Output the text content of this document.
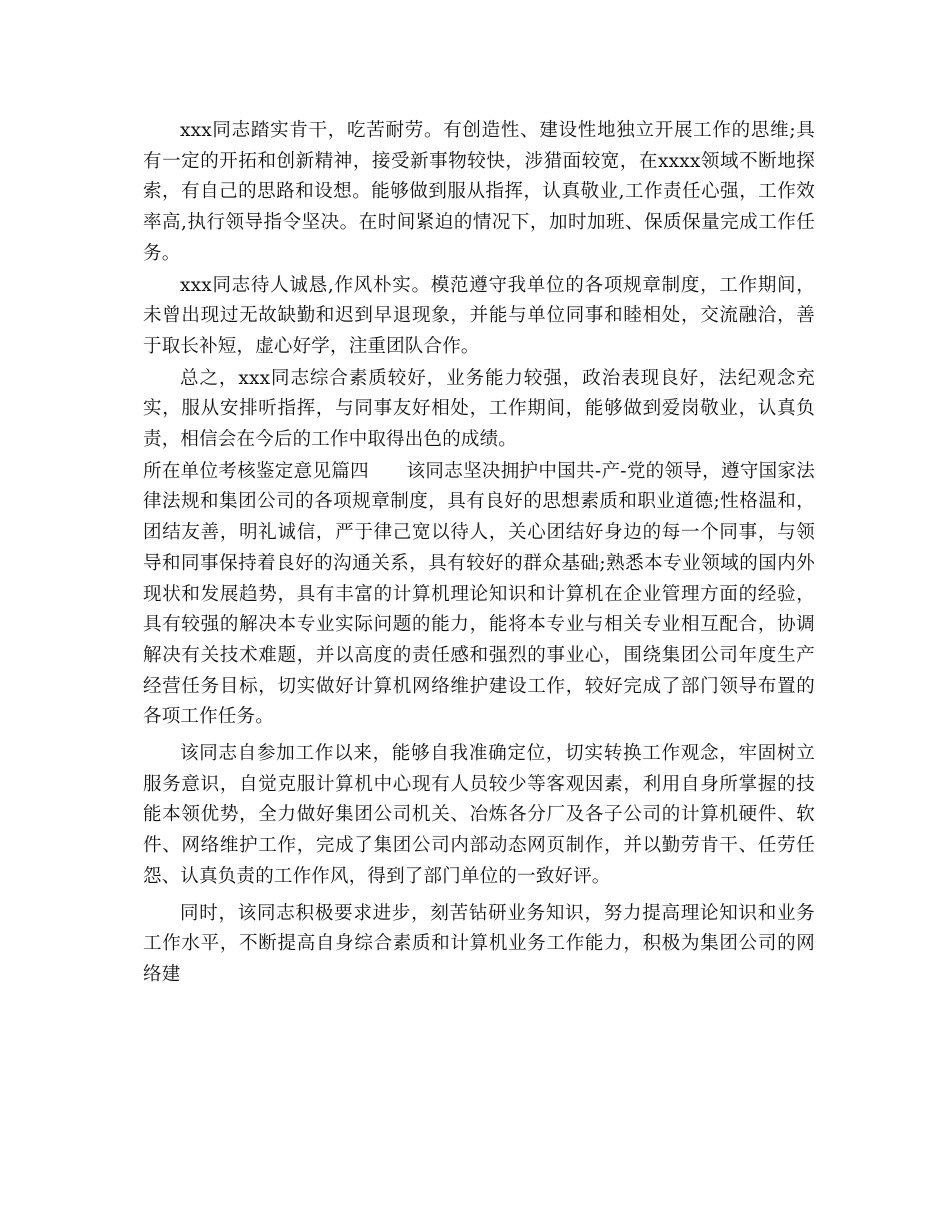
xxx同志踏实肯干，吃苦耐劳。有创造性、建设性地独立开展工作的思维;具有一定的开拓和创新精神，接受新事物较快，涉猎面较宽，在xxxx领域不断地探索，有自己的思路和设想。能够做到服从指挥，认真敬业,工作责任心强，工作效率高,执行领导指令坚决。在时间紧迫的情况下，加时加班、保质保量完成工作任务。

xxx同志待人诚恳,作风朴实。模范遵守我单位的各项规章制度，工作期间，未曾出现过无故缺勤和迟到早退现象，并能与单位同事和睦相处，交流融洽，善于取长补短，虚心好学，注重团队合作。

总之，xxx同志综合素质较好，业务能力较强，政治表现良好，法纪观念充实，服从安排听指挥，与同事友好相处，工作期间，能够做到爱岗敬业，认真负责，相信会在今后的工作中取得出色的成绩。

所在单位考核鉴定意见篇四　　该同志坚决拥护中国共-产-党的领导，遵守国家法律法规和集团公司的各项规章制度，具有良好的思想素质和职业道德;性格温和，团结友善，明礼诚信，严于律己宽以待人，关心团结好身边的每一个同事，与领导和同事保持着良好的沟通关系，具有较好的群众基础;熟悉本专业领域的国内外现状和发展趋势，具有丰富的计算机理论知识和计算机在企业管理方面的经验，具有较强的解决本专业实际问题的能力，能将本专业与相关专业相互配合，协调解决有关技术难题，并以高度的责任感和强烈的事业心，围绕集团公司年度生产经营任务目标，切实做好计算机网络维护建设工作，较好完成了部门领导布置的各项工作任务。

该同志自参加工作以来，能够自我准确定位，切实转换工作观念，牢固树立服务意识，自觉克服计算机中心现有人员较少等客观因素，利用自身所掌握的技能本领优势，全力做好集团公司机关、冶炼各分厂及各子公司的计算机硬件、软件、网络维护工作，完成了集团公司内部动态网页制作，并以勤劳肯干、任劳任怨、认真负责的工作作风，得到了部门单位的一致好评。

同时，该同志积极要求进步，刻苦钻研业务知识，努力提高理论知识和业务工作水平，不断提高自身综合素质和计算机业务工作能力，积极为集团公司的网络建
